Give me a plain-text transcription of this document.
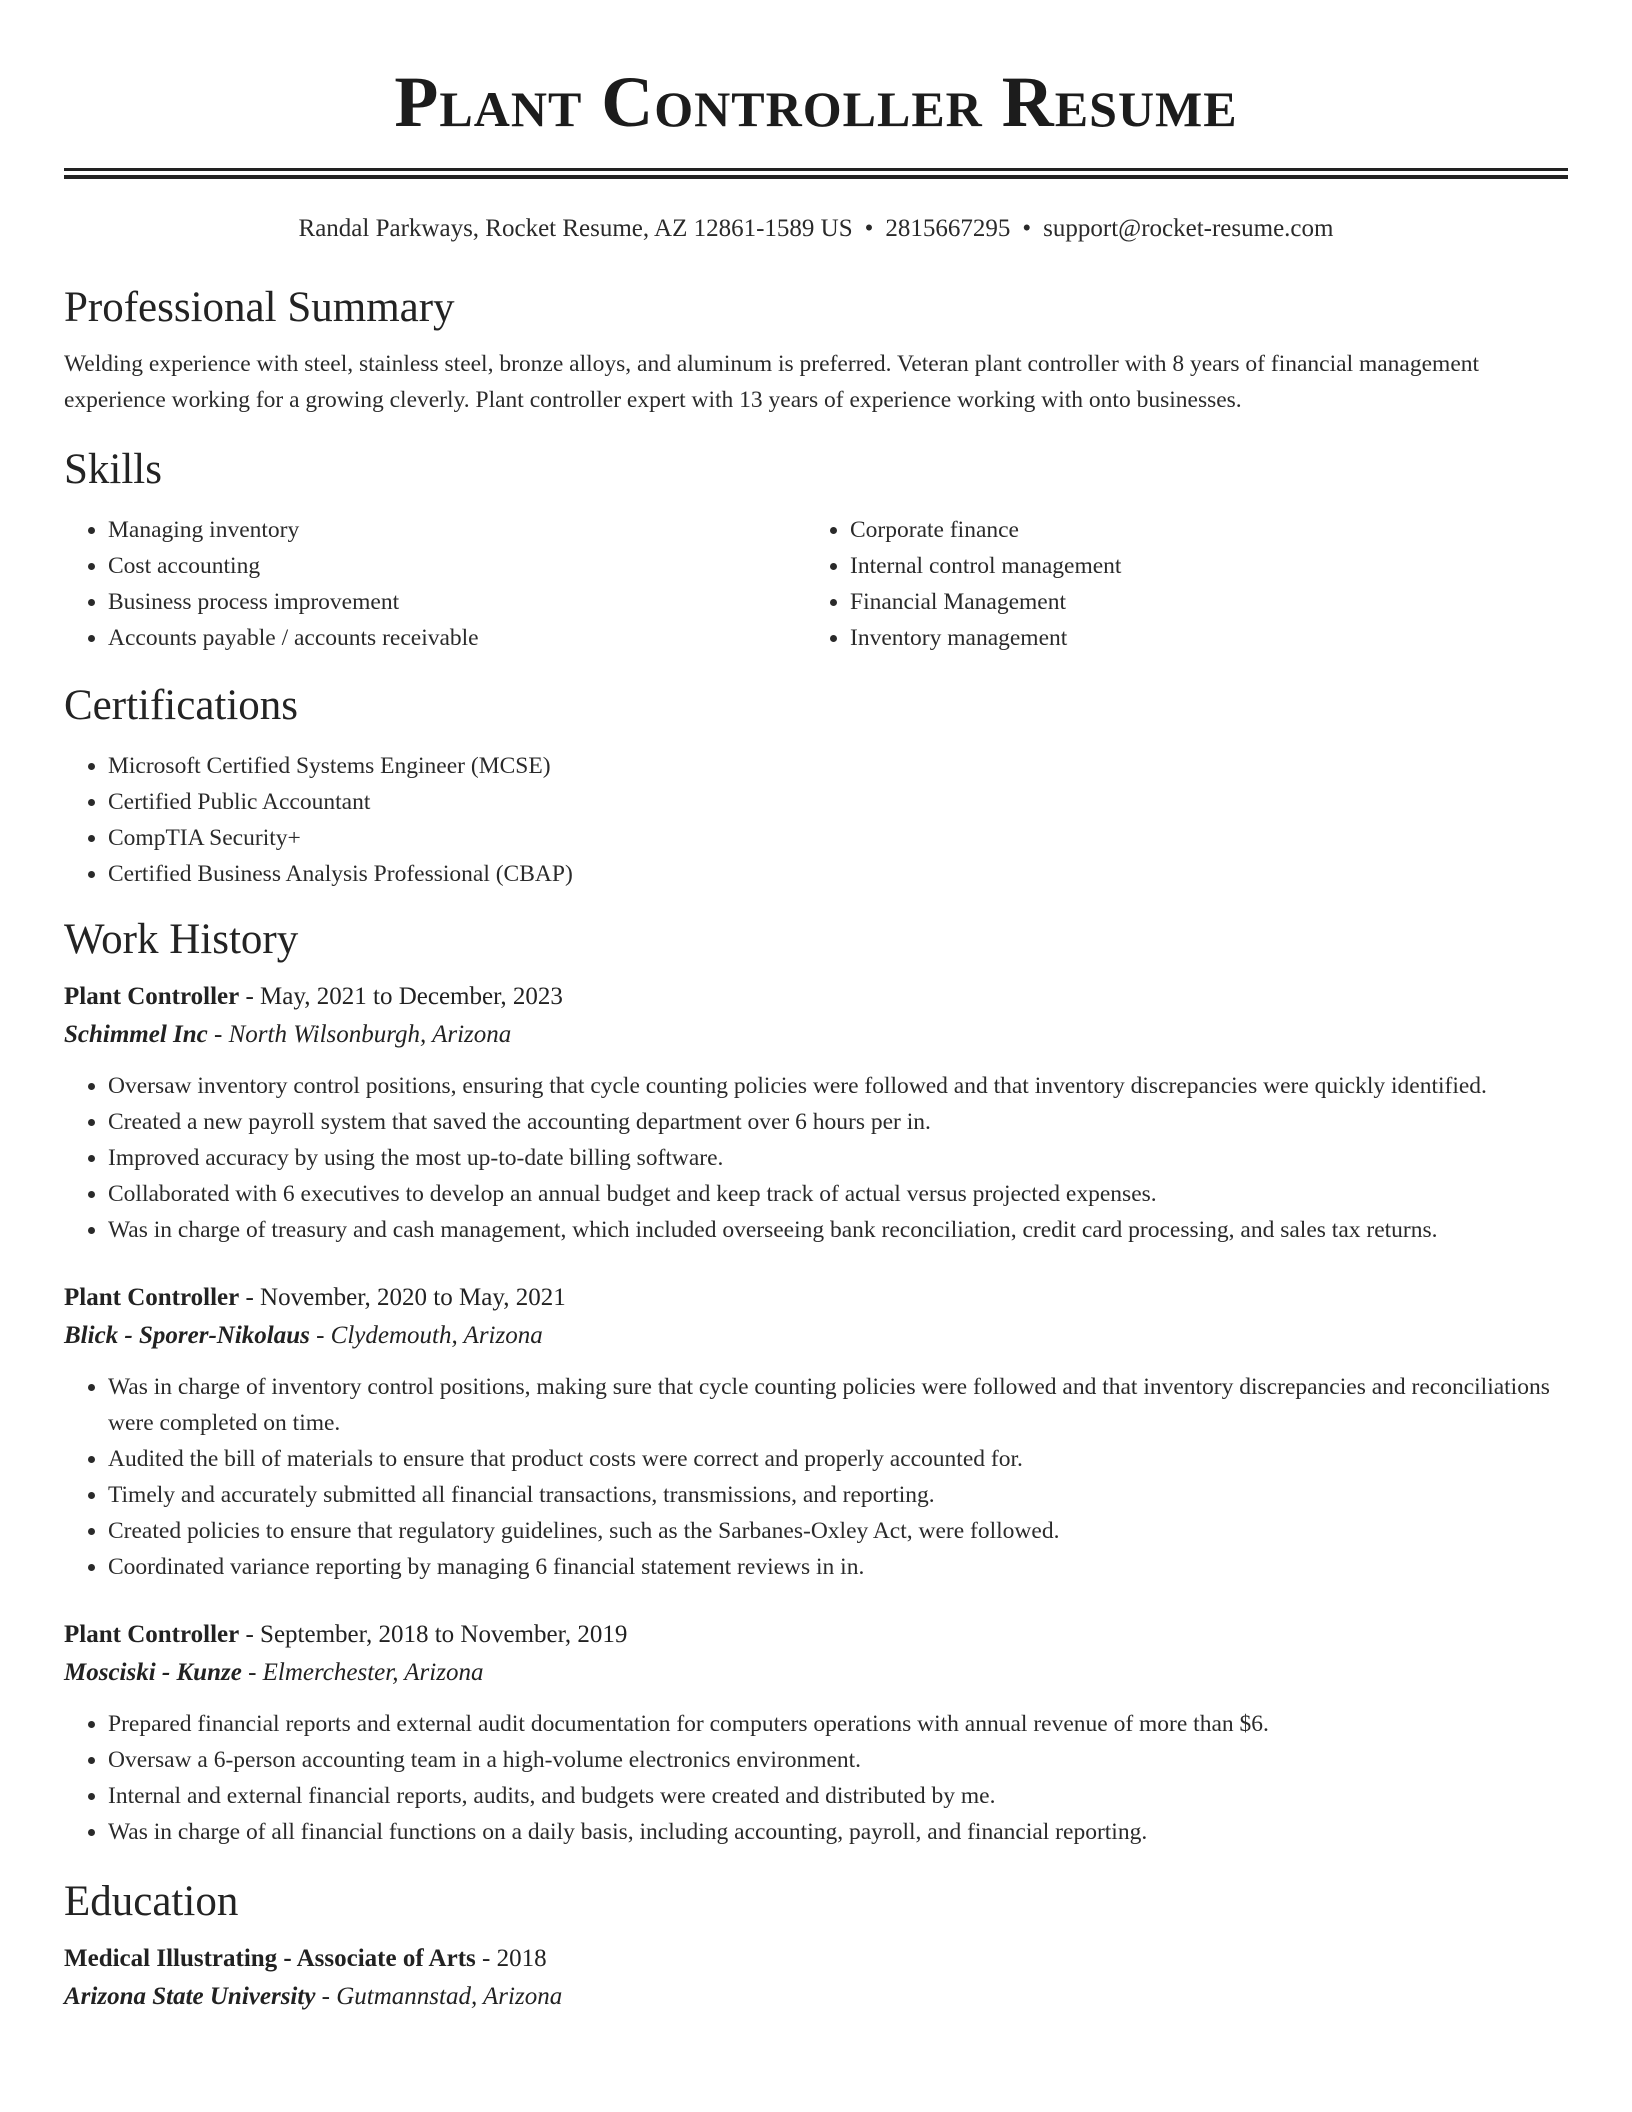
Plant Controller Resume
Randal Parkways, Rocket Resume, AZ 12861-1589 US • 2815667295 • support@rocket-resume.com
Professional Summary

Welding experience with steel, stainless steel, bronze alloys, and aluminum is preferred. Veteran plant controller with 8 years of financial management experience working for a growing cleverly. Plant controller expert with 13 years of experience working with onto businesses.

Skills
• Managing inventory
• Cost accounting
• Business process improvement
• Accounts payable / accounts receivable
• Corporate finance
• Internal control management
• Financial Management
• Inventory management
Certifications
• Microsoft Certified Systems Engineer (MCSE)
• Certified Public Accountant
• CompTIA Security+
• Certified Business Analysis Professional (CBAP)
Work History
Plant Controller - May, 2021 to December, 2023
Schimmel Inc - North Wilsonburgh, Arizona
• Oversaw inventory control positions, ensuring that cycle counting policies were followed and that inventory discrepancies were quickly identified.
• Created a new payroll system that saved the accounting department over 6 hours per in.
• Improved accuracy by using the most up-to-date billing software.
• Collaborated with 6 executives to develop an annual budget and keep track of actual versus projected expenses.
• Was in charge of treasury and cash management, which included overseeing bank reconciliation, credit card processing, and sales tax returns.
Plant Controller - November, 2020 to May, 2021
Blick - Sporer-Nikolaus - Clydemouth, Arizona
• Was in charge of inventory control positions, making sure that cycle counting policies were followed and that inventory discrepancies and reconciliations were completed on time.
• Audited the bill of materials to ensure that product costs were correct and properly accounted for.
• Timely and accurately submitted all financial transactions, transmissions, and reporting.
• Created policies to ensure that regulatory guidelines, such as the Sarbanes-Oxley Act, were followed.
• Coordinated variance reporting by managing 6 financial statement reviews in in.
Plant Controller - September, 2018 to November, 2019
Mosciski - Kunze - Elmerchester, Arizona
• Prepared financial reports and external audit documentation for computers operations with annual revenue of more than $6.
• Oversaw a 6-person accounting team in a high-volume electronics environment.
• Internal and external financial reports, audits, and budgets were created and distributed by me.
• Was in charge of all financial functions on a daily basis, including accounting, payroll, and financial reporting.
Education
Medical Illustrating - Associate of Arts - 2018
Arizona State University - Gutmannstad, Arizona
